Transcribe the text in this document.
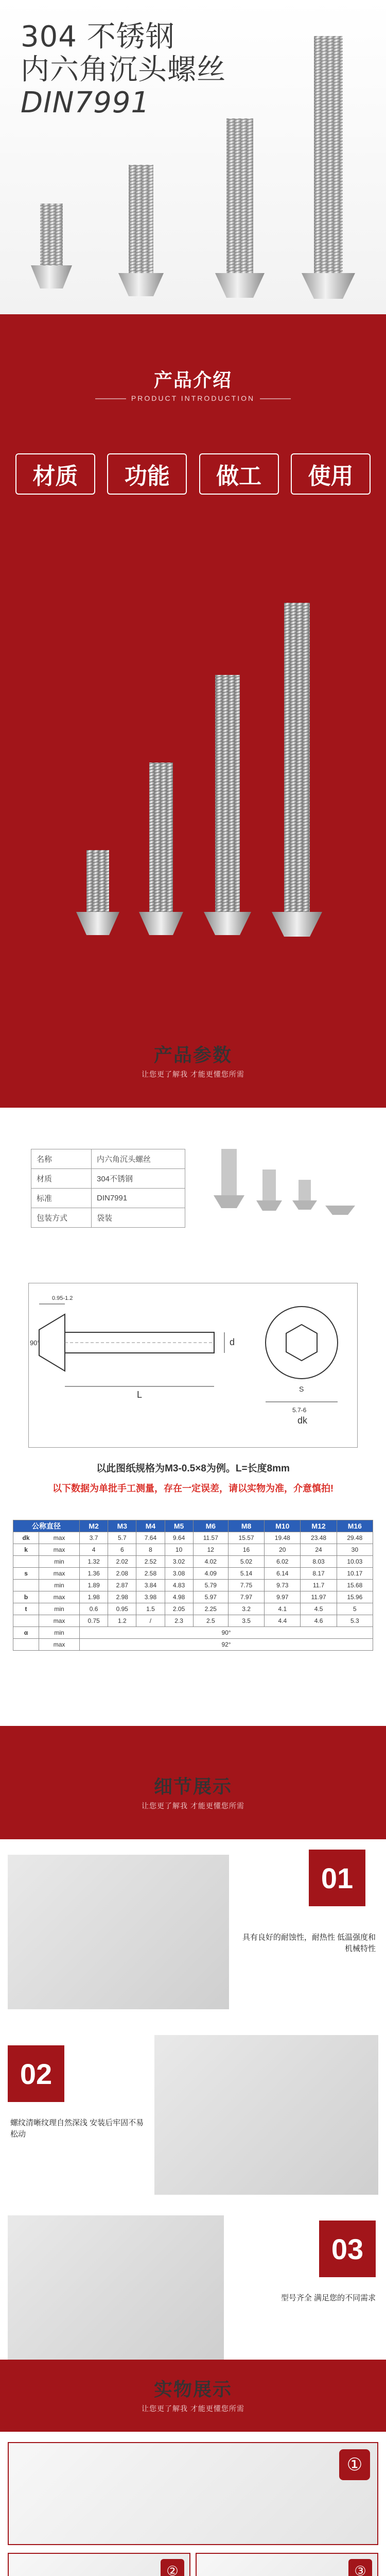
304 不锈钢
内六角沉头螺丝
DIN7991
产品介绍
PRODUCT INTRODUCTION
材质	功能	做工	使用
产品参数
让您更了解我 才能更懂您所需
名称	内六角沉头螺丝
材质	304不锈钢
标准	DIN7991
包装方式	袋装
0.95-1.2
90°
L
d
S
5.7-6
dk
以此图纸规格为M3-0.5×8为例。L=长度8mm
以下数据为单批手工测量，存在一定误差，请以实物为准，介意慎拍!
公称直径		M2	M3	M4	M5	M6	M8	M10	M12	M16
dk	max	3.7	5.7	7.64	9.64	11.57	15.57	19.48	23.48	29.48
k	max	4	6	8	10	12	16	20	24	30
	min	1.32	2.02	2.52	3.02	4.02	5.02	6.02	8.03	10.03
s	max	1.36	2.08	2.58	3.08	4.09	5.14	6.14	8.17	10.17
	min	1.89	2.87	3.84	4.83	5.79	7.75	9.73	11.7	15.68
b	max	1.98	2.98	3.98	4.98	5.97	7.97	9.97	11.97	15.96
t	min	0.6	0.95	1.5	2.05	2.25	3.2	4.1	4.5	5
	max	0.75	1.2	/	2.3	2.5	3.5	4.4	4.6	5.3
α	min	90°								
	max	92°								
细节展示
让您更了解我 才能更懂您所需
01
具有良好的耐蚀性，耐热性 低温强度和机械特性
02
螺纹清晰纹理自然深浅 安装后牢固不易松动
03
型号齐全 满足您的不同需求
实物展示
让您更了解我 才能更懂您所需
①
②	③
